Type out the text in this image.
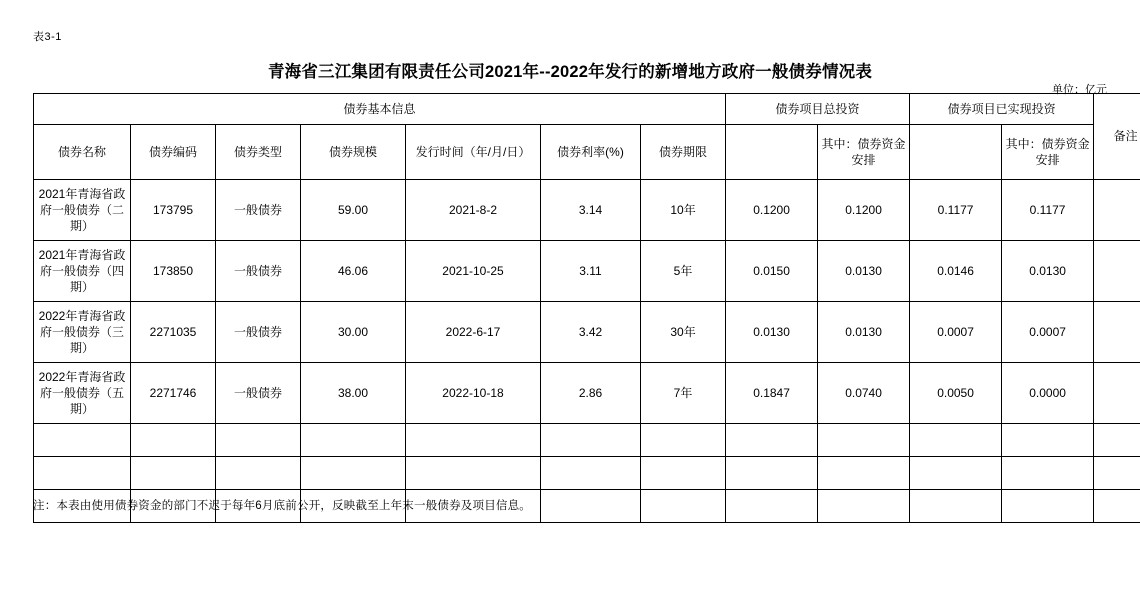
表3-1
青海省三江集团有限责任公司2021年--2022年发行的新增地方政府一般债券情况表
单位：亿元
债券基本信息							债券项目总投资		债券项目已实现投资		备注
债券名称	债券编码	债券类型	债券规模	发行时间（年/月/日）	债券利率(%)	债券期限		其中：债券资金安排		其中：债券资金安排	
2021年青海省政府一般债券（二期）	173795	一般债券	59.00	2021-8-2	3.14	10年	0.1200	0.1200	0.1177	0.1177	
2021年青海省政府一般债券（四期）	173850	一般债券	46.06	2021-10-25	3.11	5年	0.0150	0.0130	0.0146	0.0130	
2022年青海省政府一般债券（三期）	2271035	一般债券	30.00	2022-6-17	3.42	30年	0.0130	0.0130	0.0007	0.0007	
2022年青海省政府一般债券（五期）	2271746	一般债券	38.00	2022-10-18	2.86	7年	0.1847	0.0740	0.0050	0.0000	

注：本表由使用债券资金的部门不迟于每年6月底前公开，反映截至上年末一般债券及项目信息。
